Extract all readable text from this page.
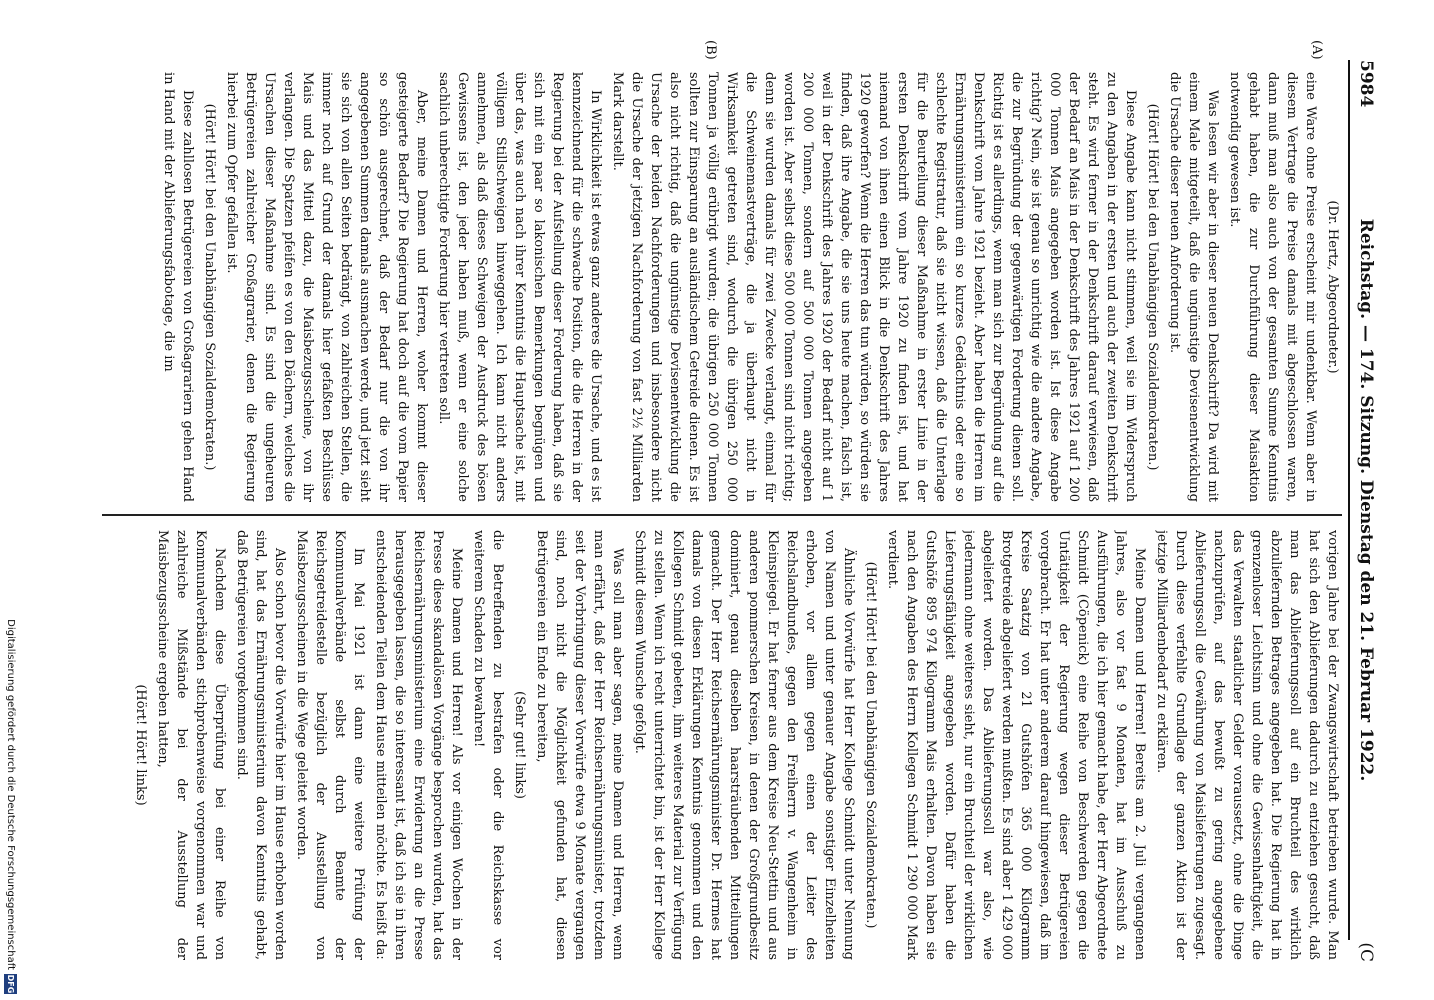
5984
Reichstag. — 174. Sitzung. Dienstag den 21. Februar 1922.
(C
(A)
(B)
(Dr. Hertz, Abgeordneter.)

eine Ware ohne Preise erscheint mir undenkbar. Wenn aber in diesem Vertrage die Preise damals mit abgeschlossen waren, dann muß man also auch von der gesamten Summe Kenntnis gehabt haben, die zur Durchführung dieser Maisaktion notwendig gewesen ist.

Was lesen wir aber in dieser neuen Denkschrift? Da wird mit einem Male mitgeteilt, daß die ungünstige Devisenentwicklung die Ursache dieser neuen Anforderung ist.

(Hört! Hört! bei den Unabhängigen Sozialdemokraten.)

Diese Angabe kann nicht stimmen, weil sie im Widerspruch zu den Angaben in der ersten und auch der zweiten Denkschrift steht. Es wird ferner in der Denkschrift darauf verwiesen, daß der Bedarf an Mais in der Denkschrift des Jahres 1921 auf 1 200 000 Tonnen Mais angegeben worden ist. Ist diese Angabe richtig? Nein, sie ist genau so unrichtig wie die andere Angabe, die zur Begründung der gegenwärtigen Forderung dienen soll. Richtig ist es allerdings, wenn man sich zur Begründung auf die Denkschrift vom Jahre 1921 bezieht. Aber haben die Herren im Ernährungsministerium ein so kurzes Gedächtnis oder eine so schlechte Registratur, daß sie nicht wissen, daß die Unterlage für die Beurteilung dieser Maßnahme in erster Linie in der ersten Denkschrift vom Jahre 1920 zu finden ist, und hat niemand von ihnen einen Blick in die Denkschrift des Jahres 1920 geworfen? Wenn die Herren das tun würden, so würden sie finden, daß ihre Angabe, die sie uns heute machen, falsch ist, weil in der Denkschrift des Jahres 1920 der Bedarf nicht auf 1 200 000 Tonnen, sondern auf 500 000 Tonnen angegeben worden ist. Aber selbst diese 500 000 Tonnen sind nicht richtig; denn sie wurden damals für zwei Zwecke verlangt, einmal für die Schweinemastverträge, die ja überhaupt nicht in Wirksamkeit getreten sind, wodurch die übrigen 250 000 Tonnen ja völlig erübrigt wurden; die übrigen 250 000 Tonnen sollten zur Einsparung an ausländischem Getreide dienen. Es ist also nicht richtig, daß die ungünstige Devisenentwicklung die Ursache der beiden Nachforderungen und insbesondere nicht die Ursache der jetzigen Nachforderung von fast 2½ Milliarden Mark darstellt.

In Wirklichkeit ist etwas ganz anderes die Ursache, und es ist kennzeichnend für die schwache Position, die die Herren in der Regierung bei der Aufstellung dieser Forderung haben, daß sie sich mit ein paar so lakonischen Bemerkungen begnügen und über das, was auch nach ihrer Kenntnis die Hauptsache ist, mit völligem Stillschweigen hinweggehen. Ich kann nicht anders annehmen, als daß dieses Schweigen der Ausdruck des bösen Gewissens ist, den jeder haben muß, wenn er eine solche sachlich unberechtigte Forderung hier vertreten soll.

Aber, meine Damen und Herren, woher kommt dieser gesteigerte Bedarf? Die Regierung hat doch auf die vom Papier so schön ausgerechnet, daß der Bedarf nur die von ihr angegebenen Summen damals ausmachen werde, und jetzt sieht sie sich von allen Seiten bedrängt, von zahlreichen Stellen, die immer noch auf Grund der damals hier gefaßten Beschlüsse Mais und das Mittel dazu, die Maisbezugsscheine, von ihr verlangen. Die Spatzen pfeifen es von den Dächern, welches die Ursachen dieser Maßnahme sind. Es sind die ungeheuren Betrügereien zahlreicher Großagrarier, denen die Regierung hierbei zum Opfer gefallen ist.

(Hört! Hört! bei den Unabhängigen Sozialdemokraten.)

Diese zahllosen Betrügereien von Großagrariern gehen Hand in Hand mit der Ablieferungsfabotage, die im

vorigen Jahre bei der Zwangswirtschaft betrieben wurde. Man hat sich den Ablieferungen dadurch zu entziehen gesucht, daß man das Ablieferungssoll auf ein Bruchteil des wirklich abzuliefernden Betrages angegeben hat. Die Regierung hat in grenzenloser Leichtsinn und ohne die Gewissenhaftigkeit, die das Verwalten staatlicher Gelder voraussetzt, ohne die Dinge nachzuprüfen, auf das bewußt zu gering angegebene Ablieferungssoll die Gewährung von Maislieferungen zugesagt. Durch diese verfehlte Grundlage der ganzen Aktion ist der jetzige Milliardenbedarf zu erklären.

Meine Damen und Herren! Bereits am 2. Juli vergangenen Jahres, also vor fast 9 Monaten, hat im Ausschuß zu Ausführungen, die ich hier gemacht habe, der Herr Abgeordnete Schmidt (Cöpenick) eine Reihe von Beschwerden gegen die Untätigkeit der Regierung wegen dieser Betrügereien vorgebracht. Er hat unter anderem darauf hingewiesen, daß im Kreise Saatzig von 21 Gutshöfen 365 000 Kilogramm Brotgetreide abgeliefert werden mußten. Es sind aber 1 429 000 abgeliefert worden. Das Ablieferungssoll war also, wie jedermann ohne weiteres sieht, nur ein Bruchteil der wirklichen Lieferungsfähigkeit angegeben worden. Dafür haben die Gutshöfe 895 974 Kilogramm Mais erhalten. Davon haben sie nach den Angaben des Herrn Kollegen Schmidt 1 290 000 Mark verdient.

(Hört! Hört! bei den Unabhängigen Sozialdemokraten.)

Ähnliche Vorwürfe hat Herr Kollege Schmidt unter Nennung von Namen und unter genauer Angabe sonstiger Einzelheiten erhoben, vor allem gegen einen der Leiter des Reichslandbundes, gegen den Freiherrn v. Wangenheim in Kleinspiegel. Er hat ferner aus dem Kreise Neu-Stettin und aus anderen pommerschen Kreisen, in denen der Großgrundbesitz dominiert, genau dieselben haarsträubenden Mitteilungen gemacht. Der Herr Reichsernährungsminister Dr. Hermes hat damals von diesen Erklärungen Kenntnis genommen und den Kollegen Schmidt gebeten, ihm weiteres Material zur Verfügung zu stellen. Wenn ich recht unterrichtet bin, ist der Herr Kollege Schmidt diesem Wunsche gefolgt.

Was soll man aber sagen, meine Damen und Herren, wenn man erfährt, daß der Herr Reichsernährungsminister, trotzdem seit der Vorbringung dieser Vorwürfe etwa 9 Monate vergangen sind, noch nicht die Möglichkeit gefunden hat, diesen Betrügereien ein Ende zu bereiten,

(Sehr gut! links)

die Betreffenden zu bestrafen oder die Reichskasse vor weiterem Schaden zu bewahren!

Meine Damen und Herren! Als vor einigen Wochen in der Presse diese skandalösen Vorgänge besprochen wurden, hat das Reichsernährungsministerium eine Erwiderung an die Presse herausgegeben lassen, die so interessant ist, daß ich sie in ihren entscheidenden Teilen dem Hause mitteilen möchte. Es heißt da:

Im Mai 1921 ist dann eine weitere Prüfung der Kommunalverbände selbst durch Beamte der Reichsgetreidestelle bezüglich der Ausstellung von Maisbezugsscheinen in die Wege geleitet worden.

Also schon bevor die Vorwürfe hier im Hause erhoben worden sind, hat das Ernährungsministerium davon Kenntnis gehabt, daß Betrügereien vorgekommen sind.

Nachdem diese Überprüfung bei einer Reihe von Kommunalverbänden stichprobenweise vorgenommen war und zahlreiche Mißstände bei der Ausstellung der Maisbezugsscheine ergeben hatten,

(Hört! Hört! links)
Digitalisierung gefördert durch die Deutsche Forschungsgemeinschaft
DFG
